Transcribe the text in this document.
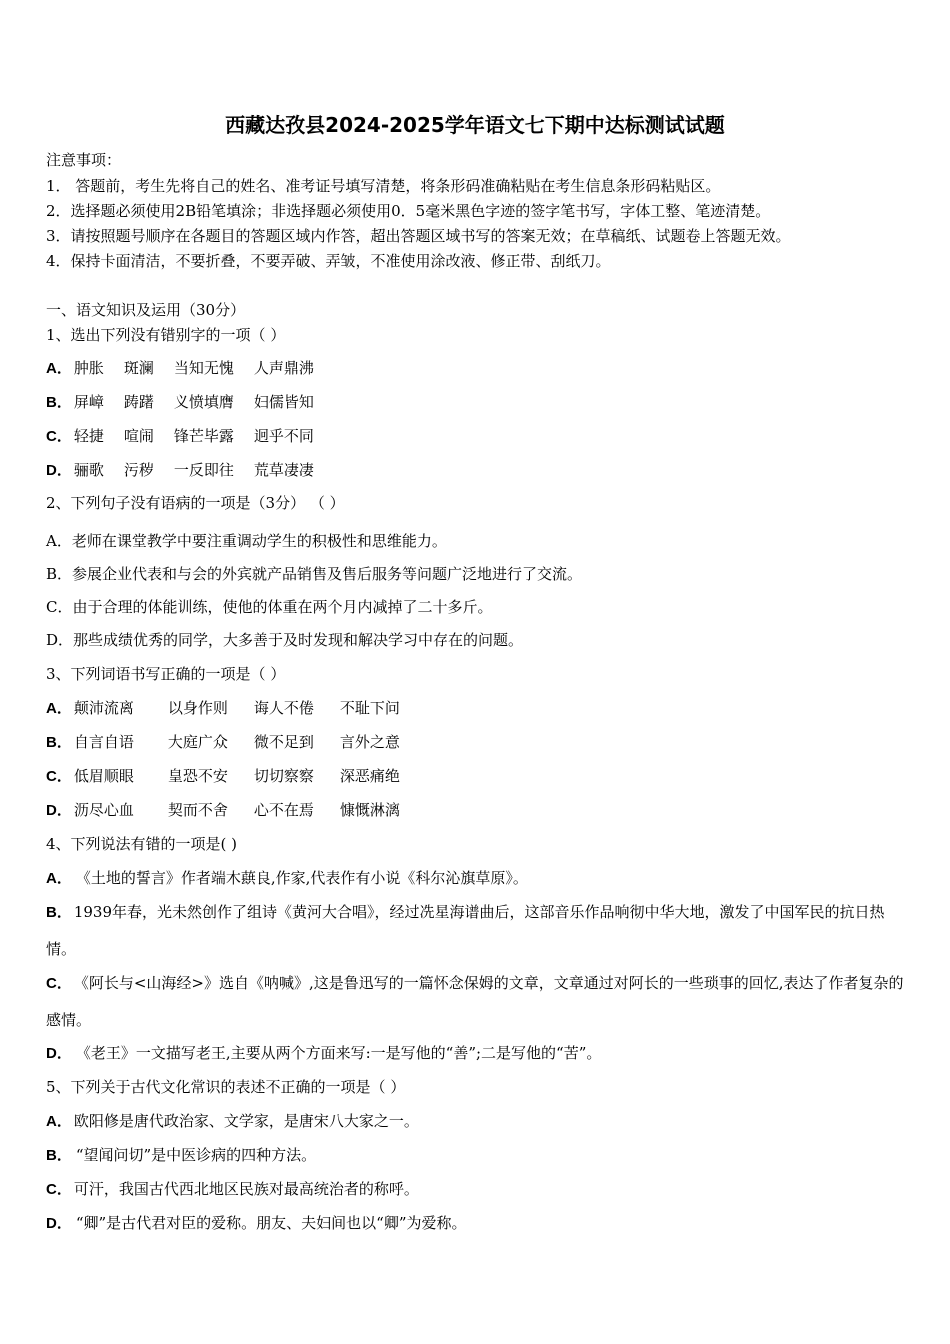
西藏达孜县2024-2025学年语文七下期中达标测试试题
注意事项：
1． 答题前，考生先将自己的姓名、准考证号填写清楚，将条形码准确粘贴在考生信息条形码粘贴区。
2．选择题必须使用2B铅笔填涂；非选择题必须使用0．5毫米黑色字迹的签字笔书写，字体工整、笔迹清楚。
3．请按照题号顺序在各题目的答题区域内作答，超出答题区域书写的答案无效；在草稿纸、试题卷上答题无效。
4．保持卡面清洁，不要折叠，不要弄破、弄皱，不准使用涂改液、修正带、刮纸刀。
一、语文知识及运用（30分）
1、选出下列没有错别字的一项（ ）
A． 肿胀 斑澜 当知无愧 人声鼎沸
B． 屏嶂 踌躇 义愤填膺 妇儒皆知
C． 轻捷 喧闹 锋芒毕露 迥乎不同
D． 骊歌 污秽 一反即往 荒草凄凄
2、下列句子没有语病的一项是（3分） （ ）
A．老师在课堂教学中要注重调动学生的积极性和思维能力。
B．参展企业代表和与会的外宾就产品销售及售后服务等问题广泛地进行了交流。
C．由于合理的体能训练，使他的体重在两个月内减掉了二十多斤。
D．那些成绩优秀的同学，大多善于及时发现和解决学习中存在的问题。
3、下列词语书写正确的一项是（ ）
A． 颠沛流离 以身作则 诲人不倦 不耻下问
B． 自言自语 大庭广众 微不足到 言外之意
C． 低眉顺眼 皇恐不安 切切察察 深恶痛绝
D． 沥尽心血 契而不舍 心不在焉 慷慨淋漓
4、下列说法有错的一项是( )
A． 《土地的誓言》作者端木蕻良,作家,代表作有小说《科尔沁旗草原》。
B． 1939年春，光未然创作了组诗《黄河大合唱》，经过冼星海谱曲后，这部音乐作品响彻中华大地，激发了中国军民的抗日热情。
C． 《阿长与<山海经>》选自《呐喊》,这是鲁迅写的一篇怀念保姆的文章，文章通过对阿长的一些琐事的回忆,表达了作者复杂的感情。
D． 《老王》一文描写老王,主要从两个方面来写:一是写他的“善”;二是写他的“苦”。
5、下列关于古代文化常识的表述不正确的一项是（ ）
A． 欧阳修是唐代政治家、文学家，是唐宋八大家之一。
B． “望闻问切”是中医诊病的四种方法。
C． 可汗，我国古代西北地区民族对最高统治者的称呼。
D． “卿”是古代君对臣的爱称。朋友、夫妇间也以“卿”为爱称。
